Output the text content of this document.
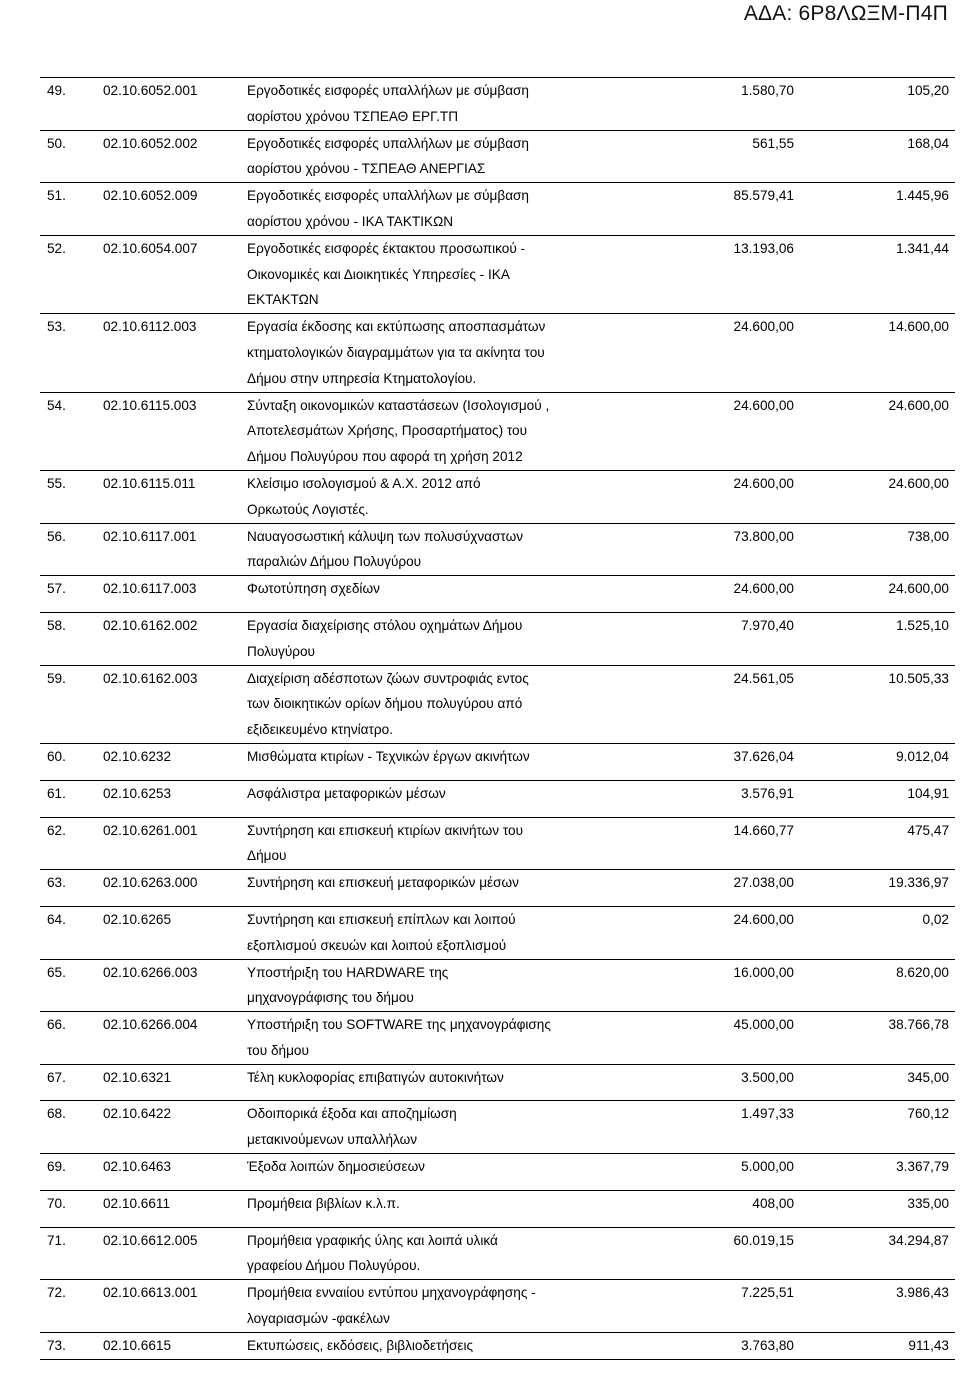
ΑΔΑ: 6Ρ8ΛΩΞΜ-Π4Π
49.	02.10.6052.001	Εργοδοτικές εισφορές υπαλλήλων με σύμβαση
αορίστου χρόνου ΤΣΠΕΑΘ ΕΡΓ.ΤΠ
1.580,70	105,20
50.	02.10.6052.002	Εργοδοτικές εισφορές υπαλλήλων με σύμβαση
αορίστου χρόνου - ΤΣΠΕΑΘ ΑΝΕΡΓΙΑΣ
561,55	168,04
51.	02.10.6052.009	Εργοδοτικές εισφορές υπαλλήλων με σύμβαση
αορίστου χρόνου - ΙΚΑ ΤΑΚΤΙΚΩΝ
85.579,41	1.445,96
52.	02.10.6054.007	Εργοδοτικές εισφορές έκτακτου προσωπικού -
Οικονομικές και Διοικητικές Υπηρεσίες - ΙΚΑ
ΕΚΤΑΚΤΩΝ
13.193,06	1.341,44
53.	02.10.6112.003	Εργασία έκδοσης και εκτύπωσης αποσπασμάτων
κτηματολογικών διαγραμμάτων για τα ακίνητα του
Δήμου στην υπηρεσία Κτηματολογίου.
24.600,00	14.600,00
54.	02.10.6115.003	Σύνταξη οικονομικών καταστάσεων (Ισολογισμού ,
Αποτελεσμάτων Χρήσης, Προσαρτήματος) του
Δήμου Πολυγύρου που αφορά τη χρήση 2012
24.600,00	24.600,00
55.	02.10.6115.011	Κλείσιμο ισολογισμού & Α.Χ. 2012 από
Ορκωτούς Λογιστές.
24.600,00	24.600,00
56.	02.10.6117.001	Ναυαγοσωστική κάλυψη των πολυσύχναστων
παραλιών Δήμου Πολυγύρου
73.800,00	738,00
57.	02.10.6117.003	Φωτοτύπηση σχεδίων	24.600,00	24.600,00
58.	02.10.6162.002	Εργασία διαχείρισης στόλου οχημάτων Δήμου
Πολυγύρου
7.970,40	1.525,10
59.	02.10.6162.003	Διαχείριση αδέσποτων ζώων συντροφιάς εντος
των διοικητικών ορίων δήμου πολυγύρου από
εξιδεικευμένο κτηνίατρο.
24.561,05	10.505,33
60.	02.10.6232	Μισθώματα κτιρίων - Τεχνικών έργων ακινήτων	37.626,04	9.012,04
61.	02.10.6253	Ασφάλιστρα μεταφορικών μέσων	3.576,91	104,91
62.	02.10.6261.001	Συντήρηση και επισκευή κτιρίων ακινήτων του
Δήμου
14.660,77	475,47
63.	02.10.6263.000	Συντήρηση και επισκευή μεταφορικών μέσων	27.038,00	19.336,97
64.	02.10.6265	Συντήρηση και επισκευή επίπλων και λοιπού
εξοπλισμού σκευών και λοιπού εξοπλισμού
24.600,00	0,02
65.	02.10.6266.003	Υποστήριξη του HARDWARE της
μηχανογράφισης του δήμου
16.000,00	8.620,00
66.	02.10.6266.004	Υποστήριξη του SOFTWARE της μηχανογράφισης
του δήμου
45.000,00	38.766,78
67.	02.10.6321	Τέλη κυκλοφορίας επιβατιγών αυτοκινήτων	3.500,00	345,00
68.	02.10.6422	Οδοιπορικά έξοδα και αποζημίωση
μετακινούμενων υπαλλήλων
1.497,33	760,12
69.	02.10.6463	Έξοδα λοιπών δημοσιεύσεων	5.000,00	3.367,79
70.	02.10.6611	Προμήθεια βιβλίων κ.λ.π.	408,00	335,00
71.	02.10.6612.005	Προμήθεια γραφικής ύλης και λοιπά υλικά
γραφείου Δήμου Πολυγύρου.
60.019,15	34.294,87
72.	02.10.6613.001	Προμήθεια ενναιίου εντύπου μηχανογράφησης -
λογαριασμών -φακέλων
7.225,51	3.986,43
73.	02.10.6615	Εκτυπώσεις, εκδόσεις, βιβλιοδετήσεις	3.763,80	911,43
